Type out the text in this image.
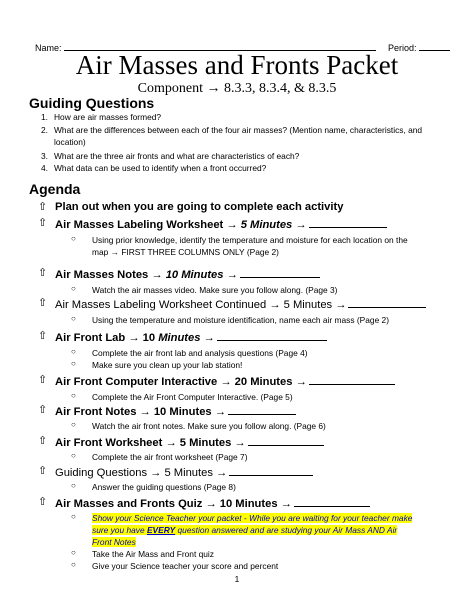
Name:	Period:
Air Masses and Fronts Packet
Component → 8.3.3, 8.3.4, & 8.3.5
Guiding Questions
1. How are air masses formed?
2. What are the differences between each of the four air masses? (Mention name, characteristics, and
location)
3. What are the three air fronts and what are characteristics of each?
4. What data can be used to identify when a front occurred?
Agenda
⇧ Plan out when you are going to complete each activity
⇧ Air Masses Labeling Worksheet → 5 Minutes →
○ Using prior knowledge, identify the temperature and moisture for each location on the
map → FIRST THREE COLUMNS ONLY (Page 2)
⇧ Air Masses Notes → 10 Minutes →
○ Watch the air masses video. Make sure you follow along. (Page 3)
⇧ Air Masses Labeling Worksheet Continued → 5 Minutes →
○ Using the temperature and moisture identification, name each air mass (Page 2)
⇧ Air Front Lab → 10 Minutes →
○ Complete the air front lab and analysis questions (Page 4)
○ Make sure you clean up your lab station!
⇧ Air Front Computer Interactive → 20 Minutes →
○ Complete the Air Front Computer Interactive. (Page 5)
⇧ Air Front Notes → 10 Minutes →
○ Watch the air front notes. Make sure you follow along. (Page 6)
⇧ Air Front Worksheet → 5 Minutes →
○ Complete the air front worksheet (Page 7)
⇧ Guiding Questions → 5 Minutes →
○ Answer the guiding questions (Page 8)
⇧ Air Masses and Fronts Quiz → 10 Minutes →
○ Show your Science Teacher your packet - While you are waiting for your teacher make
sure you have EVERY question answered and are studying your Air Mass AND Air
Front Notes
○ Take the Air Mass and Front quiz
○ Give your Science teacher your score and percent
1
